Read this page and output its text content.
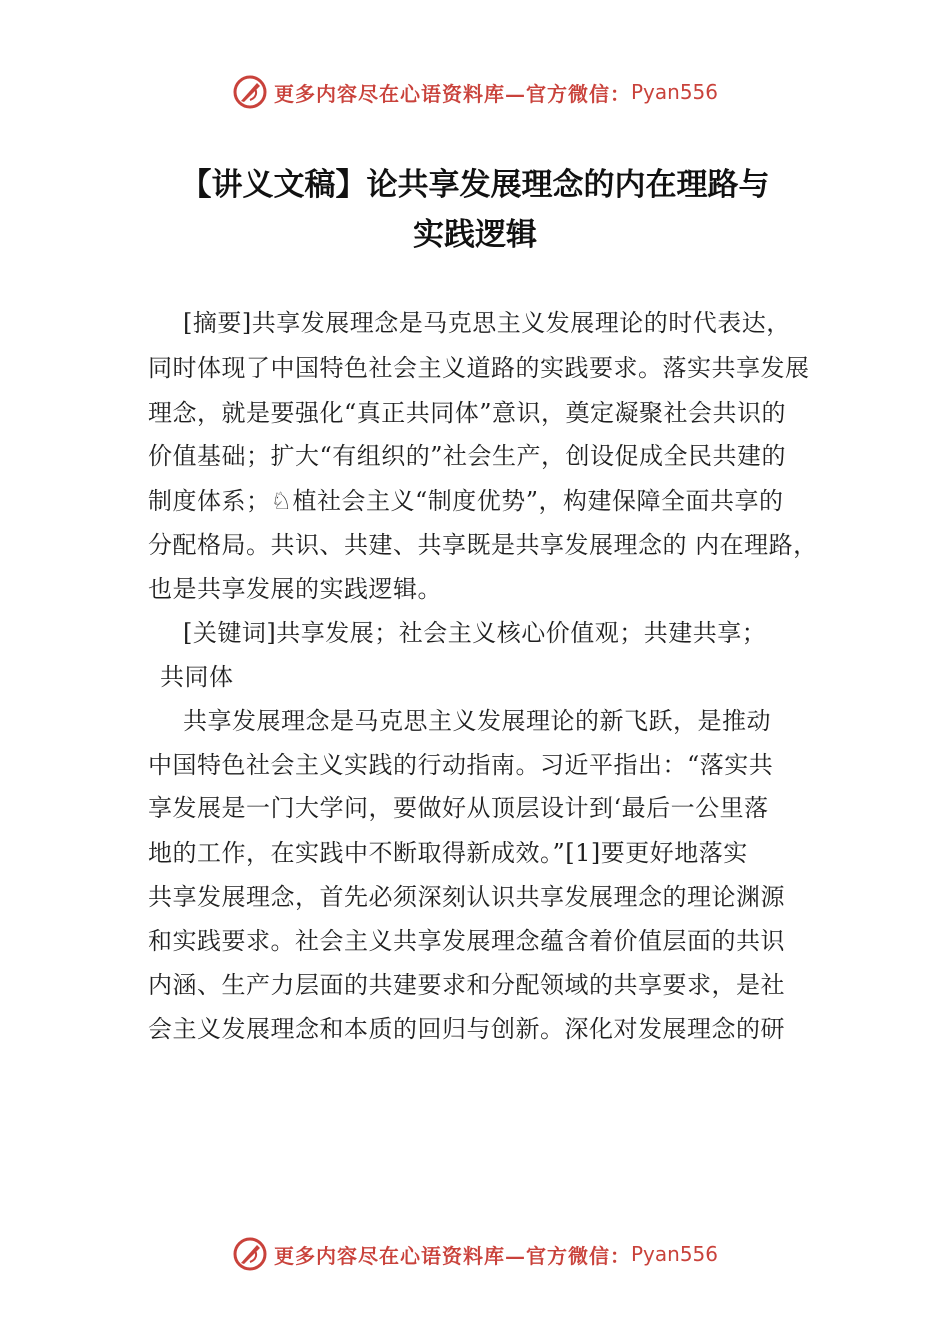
更多内容尽在心语资料库—官方微信： Pyan556
【讲义文稿】论共享发展理念的内在理路与
实践逻辑

[摘要]共享发展理念是马克思主义发展理论的时代表达，

同时体现了中国特色社会主义道路的实践要求。落实共享发展

理念，就是要强化“真正共同体”意识，奠定凝聚社会共识的

价值基础；扩大“有组织的”社会生产，创设促成全民共建的

制度体系；♘植社会主义“制度优势”，构建保障全面共享的

分配格局。共识、共建、共享既是共享发展理念的 内在理路，

也是共享发展的实践逻辑。

[关键词]共享发展；社会主义核心价值观；共建共享；

共同体

共享发展理念是马克思主义发展理论的新飞跃，是推动

中国特色社会主义实践的行动指南。习近平指出：“落实共

享发展是一门大学问，要做好从顶层设计到‘最后一公里落

地的工作，在实践中不断取得新成效。”[1]要更好地落实

共享发展理念，首先必须深刻认识共享发展理念的理论渊源

和实践要求。社会主义共享发展理念蕴含着价值层面的共识

内涵、生产力层面的共建要求和分配领域的共享要求，是社

会主义发展理念和本质的回归与创新。深化对发展理念的研

更多内容尽在心语资料库—官方微信： Pyan556
